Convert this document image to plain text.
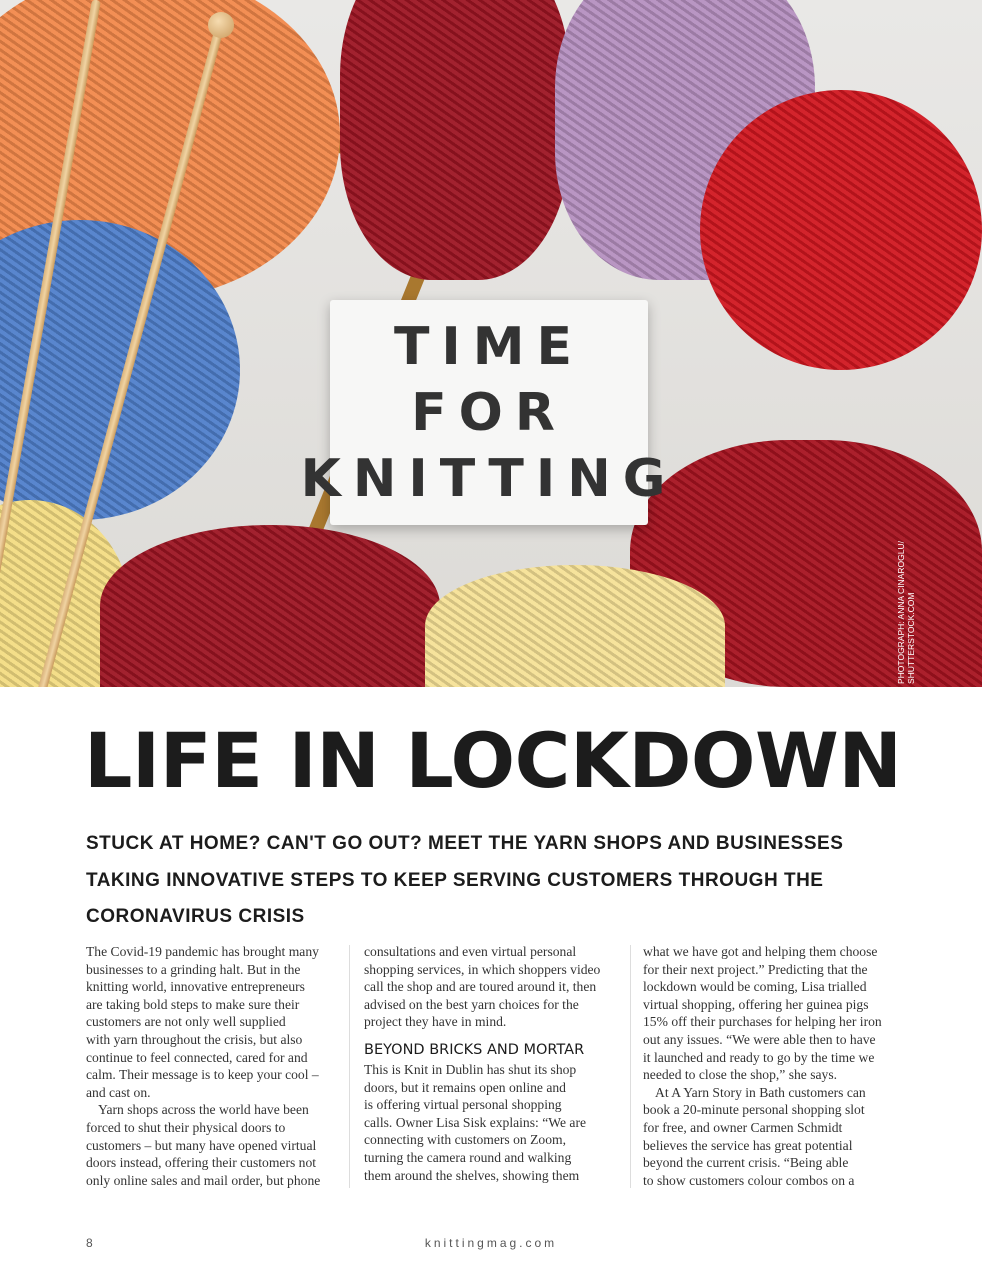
TIME
FOR
KNITTING
PHOTOGRAPH: ANNA CINAROGLU/ SHUTTERSTOCK.COM
LIFE IN LOCKDOWN
STUCK AT HOME? CAN'T GO OUT? MEET THE YARN SHOPS AND BUSINESSES
TAKING INNOVATIVE STEPS TO KEEP SERVING CUSTOMERS THROUGH THE
CORONAVIRUS CRISIS
The Covid-19 pandemic has brought many
businesses to a grinding halt. But in the
knitting world, innovative entrepreneurs
are taking bold steps to make sure their
customers are not only well supplied
with yarn throughout the crisis, but also
continue to feel connected, cared for and
calm. Their message is to keep your cool –
and cast on.
Yarn shops across the world have been
forced to shut their physical doors to
customers – but many have opened virtual
doors instead, offering their customers not
only online sales and mail order, but phone
consultations and even virtual personal
shopping services, in which shoppers video
call the shop and are toured around it, then
advised on the best yarn choices for the
project they have in mind.
BEYOND BRICKS AND MORTAR
This is Knit in Dublin has shut its shop
doors, but it remains open online and
is offering virtual personal shopping
calls. Owner Lisa Sisk explains: “We are
connecting with customers on Zoom,
turning the camera round and walking
them around the shelves, showing them
what we have got and helping them choose
for their next project.” Predicting that the
lockdown would be coming, Lisa trialled
virtual shopping, offering her guinea pigs
15% off their purchases for helping her iron
out any issues. “We were able then to have
it launched and ready to go by the time we
needed to close the shop,” she says.
At A Yarn Story in Bath customers can
book a 20-minute personal shopping slot
for free, and owner Carmen Schmidt
believes the service has great potential
beyond the current crisis. “Being able
to show customers colour combos on a
8	knittingmag.com
